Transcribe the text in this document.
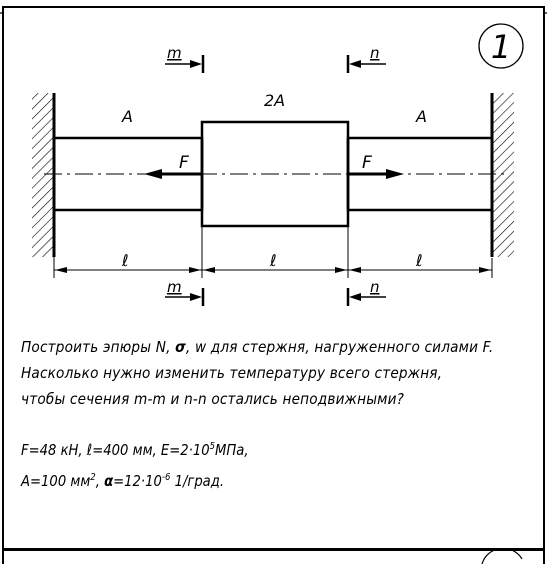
1
F	F
A
2A
A
m	n
ℓ	ℓ	ℓ
m	n

Построить эпюры N, σ, w для стержня, нагруженного силами F.

Насколько нужно изменить температуру всего стержня,

чтобы сечения m-m и n-n остались неподвижными?

F=48 кН, ℓ=400 мм, $E=2\cdot 10^5МПа$,

A=100 $мм^2$, $\alpha=12\cdot 10^{-6}$ 1/град.
